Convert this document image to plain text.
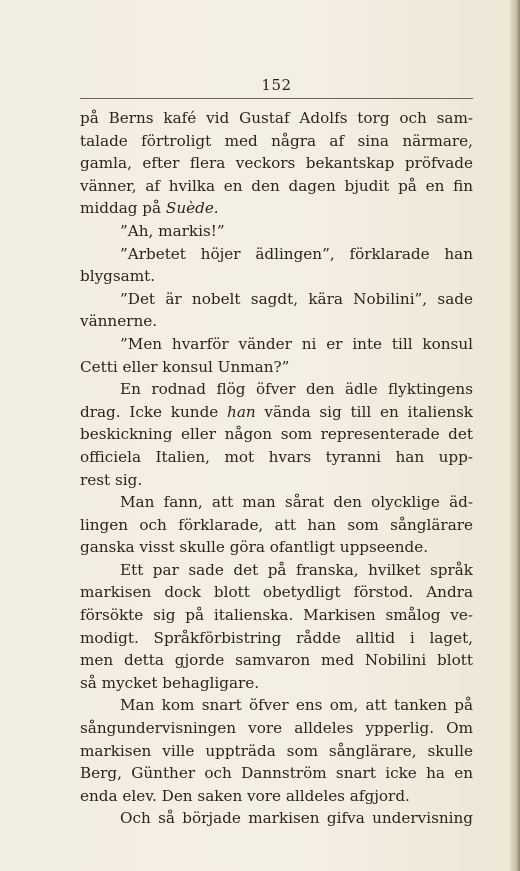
152
på Berns kafé vid Gustaf Adolfs torg och sam-
talade förtroligt med några af sina närmare,
gamla, efter flera veckors bekantskap pröfvade
vänner, af hvilka en den dagen bjudit på en fin
middag på Suède.
”Ah, markis!”
”Arbetet höjer ädlingen”, förklarade han
blygsamt.
”Det är nobelt sagdt, kära Nobilini”, sade
vännerne.
”Men hvarför vänder ni er inte till konsul
Cetti eller konsul Unman?”
En rodnad flög öfver den ädle flyktingens
drag. Icke kunde han vända sig till en italiensk
beskickning eller någon som representerade det
officiela Italien, mot hvars tyranni han upp-
rest sig.
Man fann, att man sårat den olycklige äd-
lingen och förklarade, att han som sånglärare
ganska visst skulle göra ofantligt uppseende.
Ett par sade det på franska, hvilket språk
markisen dock blott obetydligt förstod. Andra
försökte sig på italienska. Markisen smålog ve-
modigt. Språkförbistring rådde alltid i laget,
men detta gjorde samvaron med Nobilini blott
så mycket behagligare.
Man kom snart öfver ens om, att tanken på
sångundervisningen vore alldeles ypperlig. Om
markisen ville uppträda som sånglärare, skulle
Berg, Günther och Dannström snart icke ha en
enda elev. Den saken vore alldeles afgjord.
Och så började markisen gifva undervisning
